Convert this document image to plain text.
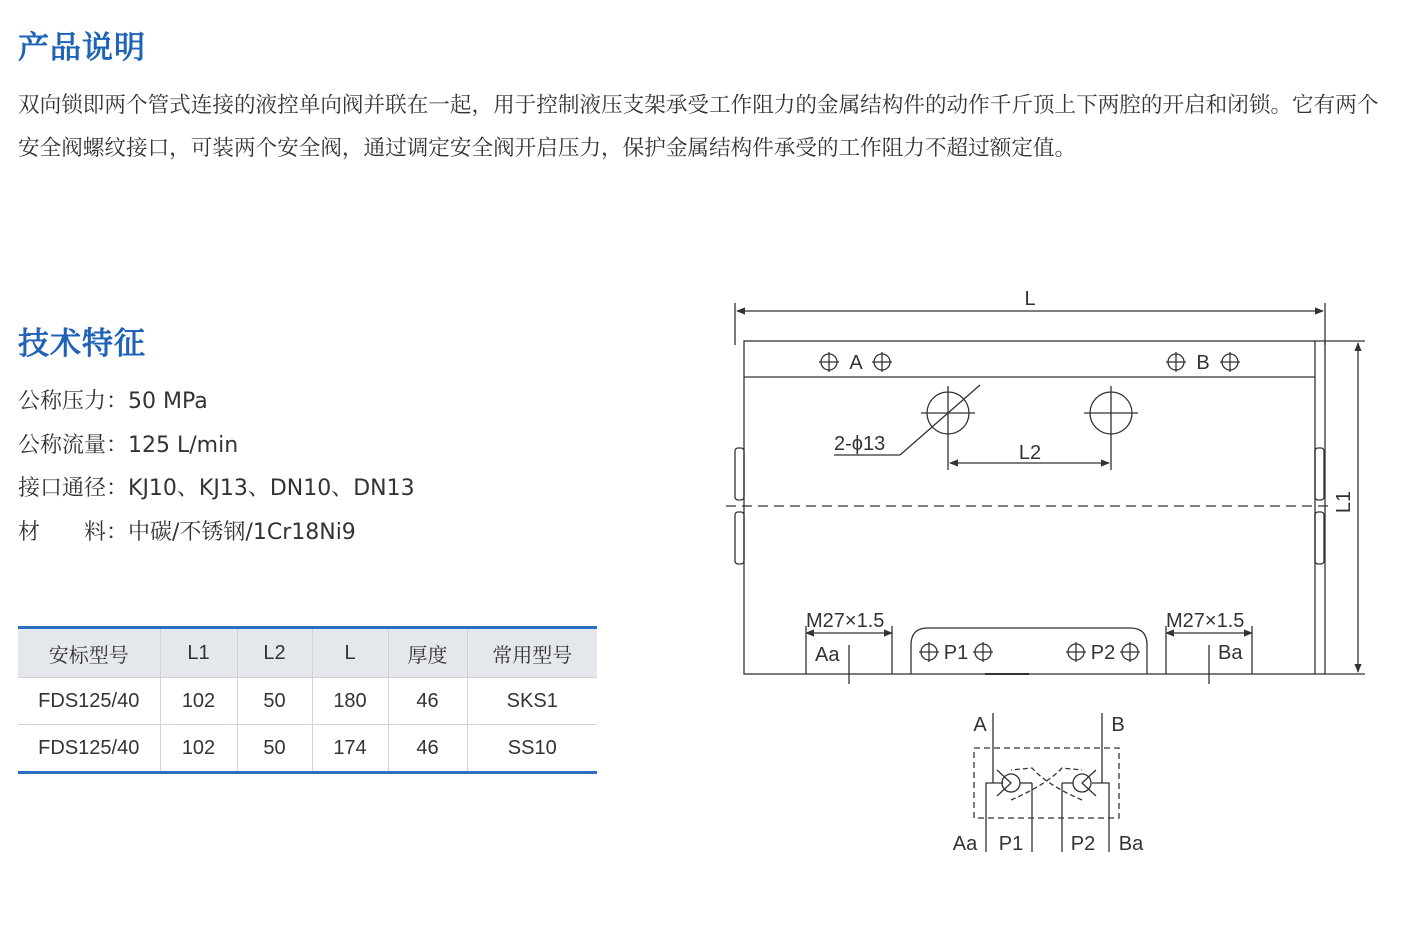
产品说明

双向锁即两个管式连接的液控单向阀并联在一起，用于控制液压支架承受工作阻力的金属结构件的动作千斤顶上下两腔的开启和闭锁。它有两个安全阀螺纹接口，可装两个安全阀，通过调定安全阀开启压力，保护金属结构件承受的工作阻力不超过额定值。

技术特征
公称压力：50 MPa
公称流量：125 L/min
接口通径：KJ10、KJ13、DN10、DN13
材　　料：中碳/不锈钢/1Cr18Ni9
安标型号	L1	L2	L	厚度	常用型号
FDS125/40	102	50	180	46	SKS1
FDS125/40	102	50	174	46	SS10
L
L1
L2
A	B
2-ϕ13
M27×1.5	M27×1.5
Aa	Ba
P1	P2
A	B
Aa P1 P2 Ba
